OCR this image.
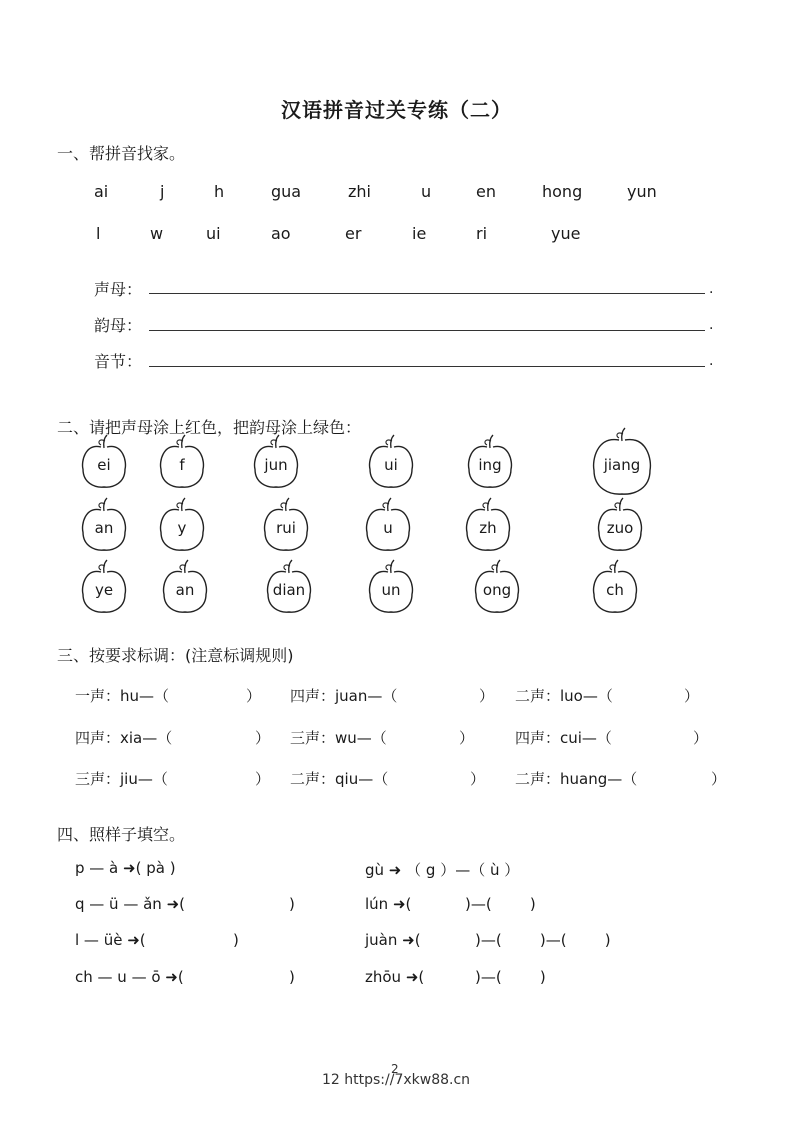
汉语拼音过关专练（二）
一、帮拼音找家。
ai	j	h	gua	zhi	u	en	hong	yun
l	w	ui	ao	er	ie	ri	yue
声母：	.
韵母：	.
音节：	.
二、请把声母涂上红色，把韵母涂上绿色：
ei	f	jun	ui	ing	jiang
an	y	rui	u	zh	zuo
ye	an	dian	un	ong	ch
三、按要求标调：(注意标调规则)
一声：hu—（	） 四声：juan—（	） 二声：luo—（	）
四声：xia—（	） 三声：wu—（	）	四声：cui—（	）
三声：jiu—（	） 二声：qiu—（	） 二声：huang—（	）
四、照样子填空。
p — à ➜( pà )
q — ü — ǎn ➜(	)
l — üè ➜(	)
ch — u — ō ➜(	)
gù ➜ （ g ）—（ ù ）
lún ➜(	)—(        )
juàn ➜(	)—(        )—(        )
zhōu ➜(	)—(        )
2
12 https://7xkw88.cn
